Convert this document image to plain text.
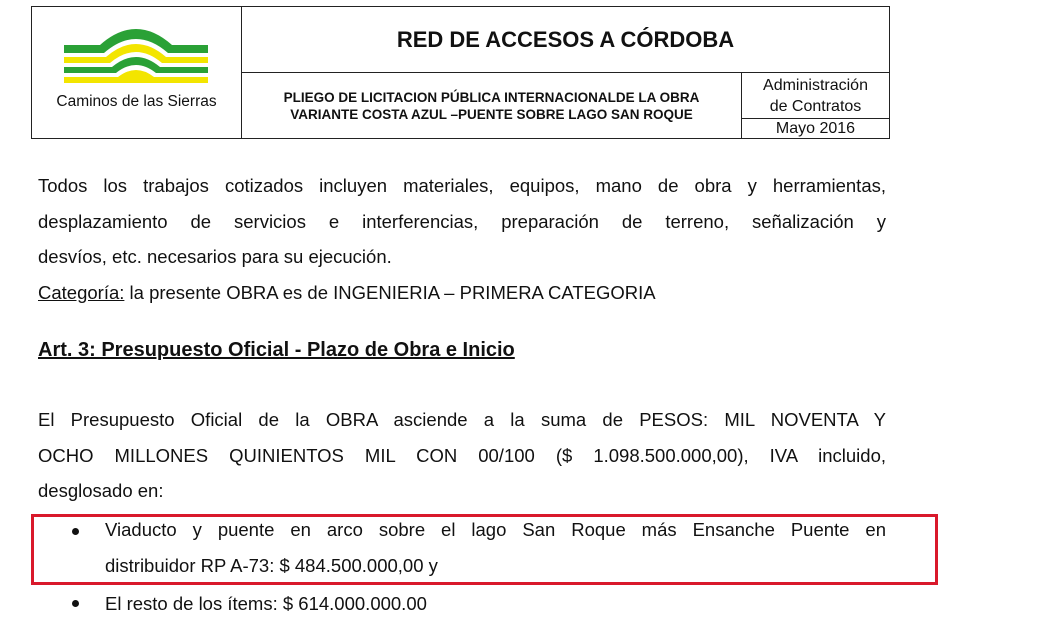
Caminos de las Sierras
RED DE ACCESOS A CÓRDOBA
PLIEGO DE LICITACION PÚBLICA INTERNACIONALDE LA OBRA
VARIANTE COSTA AZUL –PUENTE SOBRE LAGO SAN ROQUE
Administración
de Contratos
Mayo 2016
Todos los trabajos cotizados incluyen materiales, equipos, mano de obra y herramientas,
desplazamiento de servicios e interferencias, preparación de terreno, señalización y
desvíos, etc. necesarios para su ejecución.
Categoría: la presente OBRA es de INGENIERIA – PRIMERA CATEGORIA
Art. 3: Presupuesto Oficial - Plazo de Obra e Inicio
El Presupuesto Oficial de la OBRA asciende a la suma de PESOS: MIL NOVENTA Y
OCHO MILLONES QUINIENTOS MIL CON 00/100 ($ 1.098.500.000,00), IVA incluido,
desglosado en:
Viaducto y puente en arco sobre el lago San Roque más Ensanche Puente en
distribuidor RP A-73: $ 484.500.000,00 y
El resto de los ítems: $ 614.000.000.00
